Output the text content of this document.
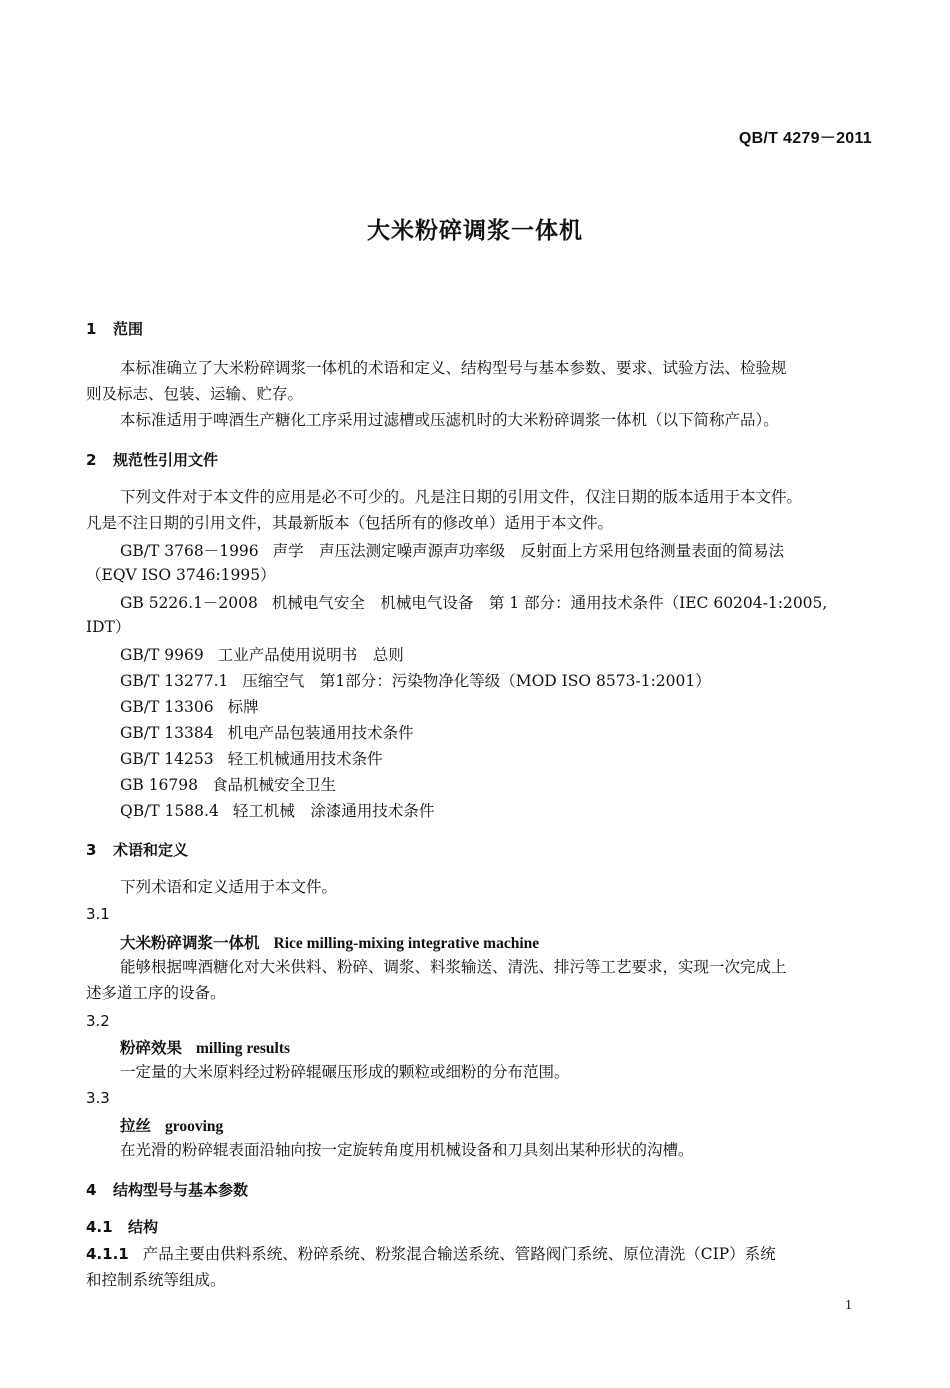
QB/T 4279－2011
大米粉碎调浆一体机
1 范围
本标准确立了大米粉碎调浆一体机的术语和定义、结构型号与基本参数、要求、试验方法、检验规
则及标志、包装、运输、贮存。
本标准适用于啤酒生产糖化工序采用过滤槽或压滤机时的大米粉碎调浆一体机（以下简称产品）。
2 规范性引用文件
下列文件对于本文件的应用是必不可少的。凡是注日期的引用文件，仅注日期的版本适用于本文件。
凡是不注日期的引用文件，其最新版本（包括所有的修改单）适用于本文件。
GB/T 3768－1996 声学　声压法测定噪声源声功率级　反射面上方采用包络测量表面的简易法
（EQV ISO 3746:1995）
GB 5226.1－2008 机械电气安全　机械电气设备　第 1 部分：通用技术条件（IEC 60204-1:2005,
IDT）
GB/T 9969 工业产品使用说明书　总则
GB/T 13277.1 压缩空气　第1部分：污染物净化等级（MOD ISO 8573-1:2001）
GB/T 13306 标牌
GB/T 13384 机电产品包装通用技术条件
GB/T 14253 轻工机械通用技术条件
GB 16798 食品机械安全卫生
QB/T 1588.4 轻工机械　涂漆通用技术条件
3 术语和定义
下列术语和定义适用于本文件。
3.1
大米粉碎调浆一体机 Rice milling-mixing integrative machine
能够根据啤酒糖化对大米供料、粉碎、调浆、料浆输送、清洗、排污等工艺要求，实现一次完成上
述多道工序的设备。
3.2
粉碎效果 milling results
一定量的大米原料经过粉碎辊碾压形成的颗粒或细粉的分布范围。
3.3
拉丝 grooving
在光滑的粉碎辊表面沿轴向按一定旋转角度用机械设备和刀具刻出某种形状的沟槽。
4 结构型号与基本参数
4.1 结构
4.1.1 产品主要由供料系统、粉碎系统、粉浆混合输送系统、管路阀门系统、原位清洗（CIP）系统
和控制系统等组成。
1
